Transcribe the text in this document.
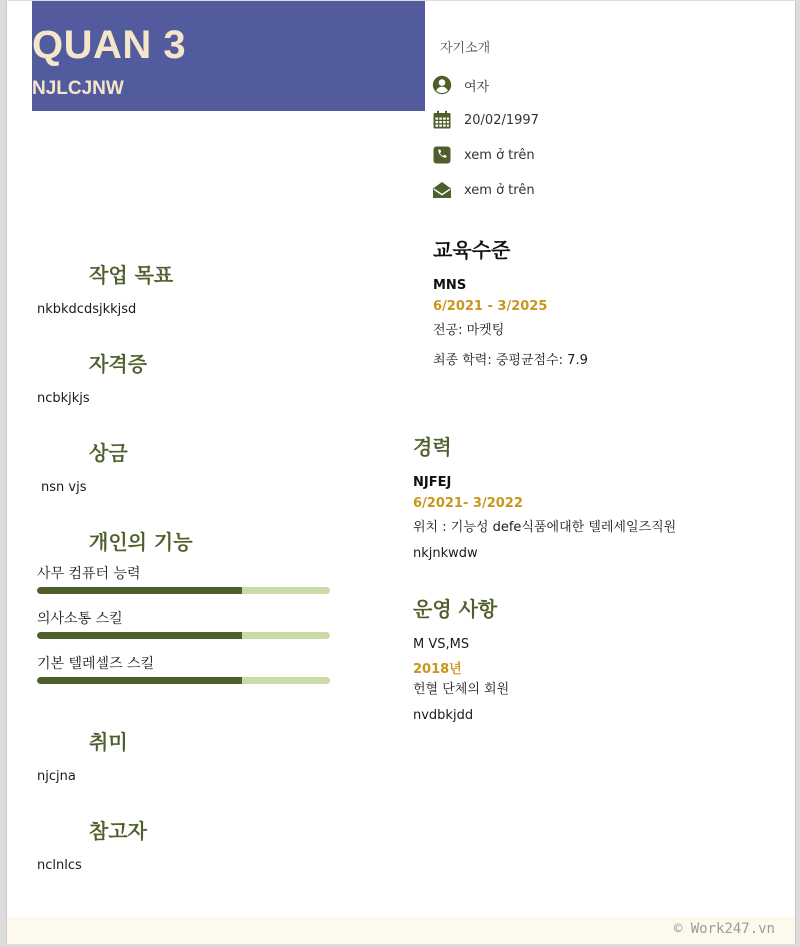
QUAN 3
NJLCJNW
자기소개
여자
20/02/1997
xem ở trên
xem ở trên
작업 목표
nkbkdcdsjkkjsd
자격증
ncbkjkjs
상금
nsn vjs
개인의 기능
사무 컴퓨터 능력
의사소통 스킬
기본 텔레셀즈 스킬
취미
njcjna
참고자
nclnlcs
교육수준
MNS
6/2021 - 3/2025
전공: 마켓팅
최종 학력: 중평균점수: 7.9
경력
NJFEJ
6/2021- 3/2022
위치 : 기능성 defe식품에대한 텔레세일즈직원
nkjnkwdw
운영 사항
M VS,MS
2018년
헌혈 단체의 회원
nvdbkjdd
© Work247.vn
